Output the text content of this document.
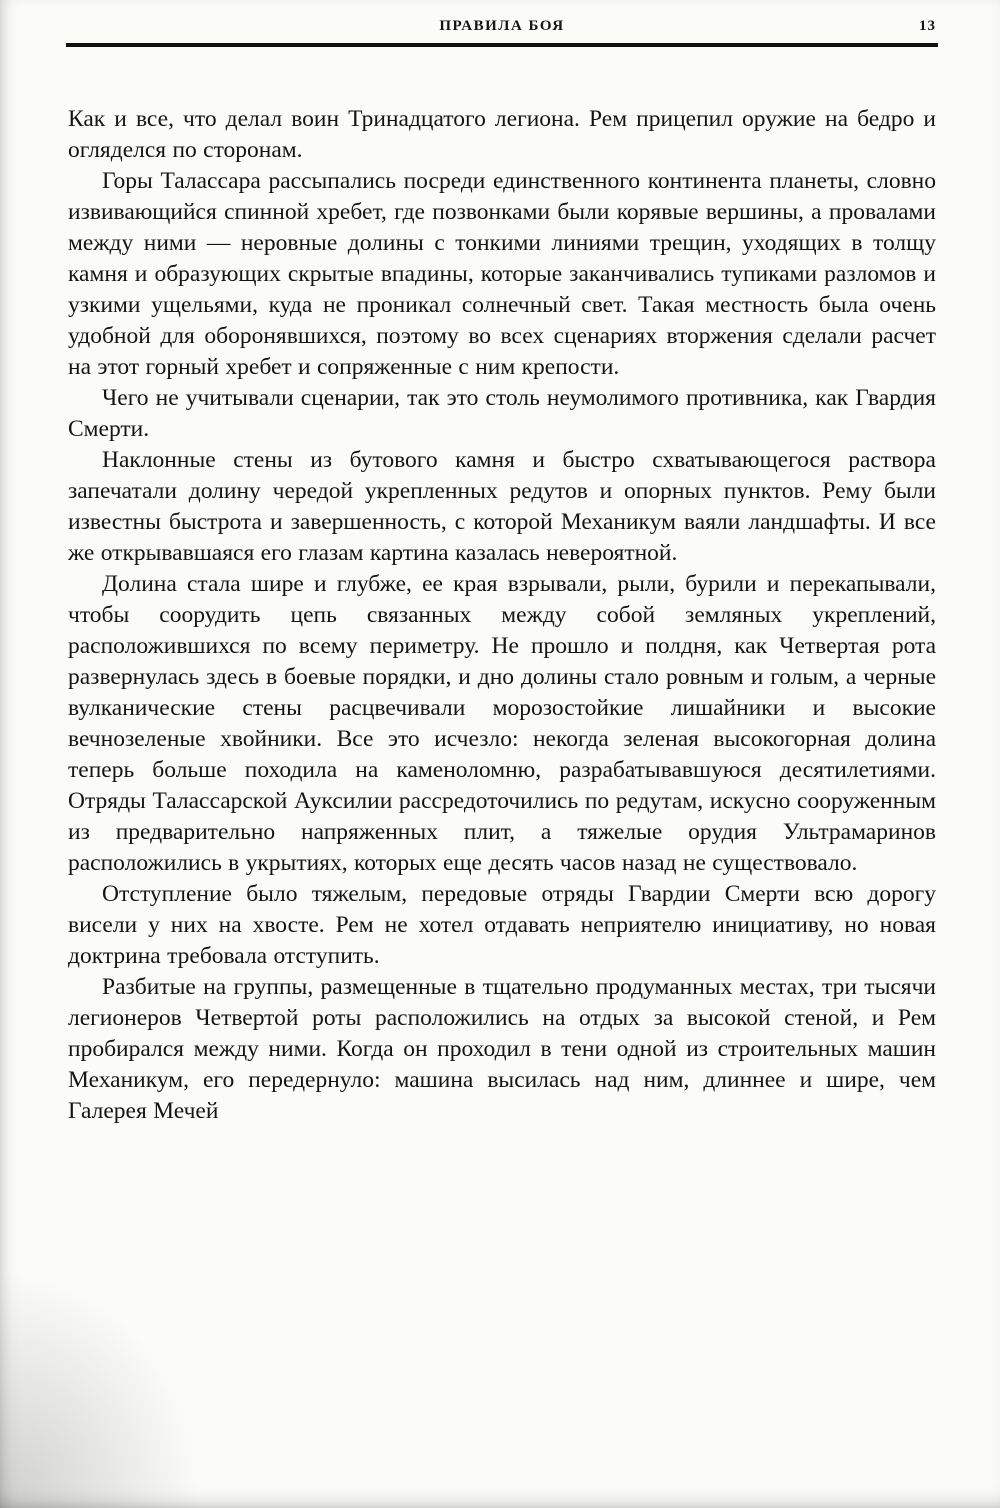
ПРАВИЛА БОЯ	13

Как и все, что делал воин Тринадцатого легиона. Рем прицепил оружие на бедро и огляделся по сторонам.

Горы Талассара рассыпались посреди единственного континента планеты, словно извивающийся спинной хребет, где позвонками были корявые вершины, а провалами между ними — неровные долины с тонкими линиями трещин, уходящих в толщу камня и образующих скрытые впадины, которые заканчивались тупиками разломов и узкими ущельями, куда не проникал солнечный свет. Такая местность была очень удобной для оборонявшихся, поэтому во всех сценариях вторжения сделали расчет на этот горный хребет и сопряженные с ним крепости.

Чего не учитывали сценарии, так это столь неумолимого противника, как Гвардия Смерти.

Наклонные стены из бутового камня и быстро схватывающегося раствора запечатали долину чередой укрепленных редутов и опорных пунктов. Рему были известны быстрота и завершенность, с которой Механикум ваяли ландшафты. И все же открывавшаяся его глазам картина казалась невероятной.

Долина стала шире и глубже, ее края взрывали, рыли, бурили и перекапывали, чтобы соорудить цепь связанных между собой земляных укреплений, расположившихся по всему периметру. Не прошло и полдня, как Четвертая рота развернулась здесь в боевые порядки, и дно долины стало ровным и голым, а черные вулканические стены расцвечивали морозостойкие лишайники и высокие вечнозеленые хвойники. Все это исчезло: некогда зеленая высокогорная долина теперь больше походила на каменоломню, разрабатывавшуюся десятилетиями. Отряды Талассарской Ауксилии рассредоточились по редутам, искусно сооруженным из предварительно напряженных плит, а тяжелые орудия Ультрамаринов расположились в укрытиях, которых еще десять часов назад не существовало.

Отступление было тяжелым, передовые отряды Гвардии Смерти всю дорогу висели у них на хвосте. Рем не хотел отдавать неприятелю инициативу, но новая доктрина требовала отступить.

Разбитые на группы, размещенные в тщательно продуманных местах, три тысячи легионеров Четвертой роты расположились на отдых за высокой стеной, и Рем пробирался между ними. Когда он проходил в тени одной из строительных машин Механикум, его передернуло: машина высилась над ним, длиннее и шире, чем Галерея Мечей
